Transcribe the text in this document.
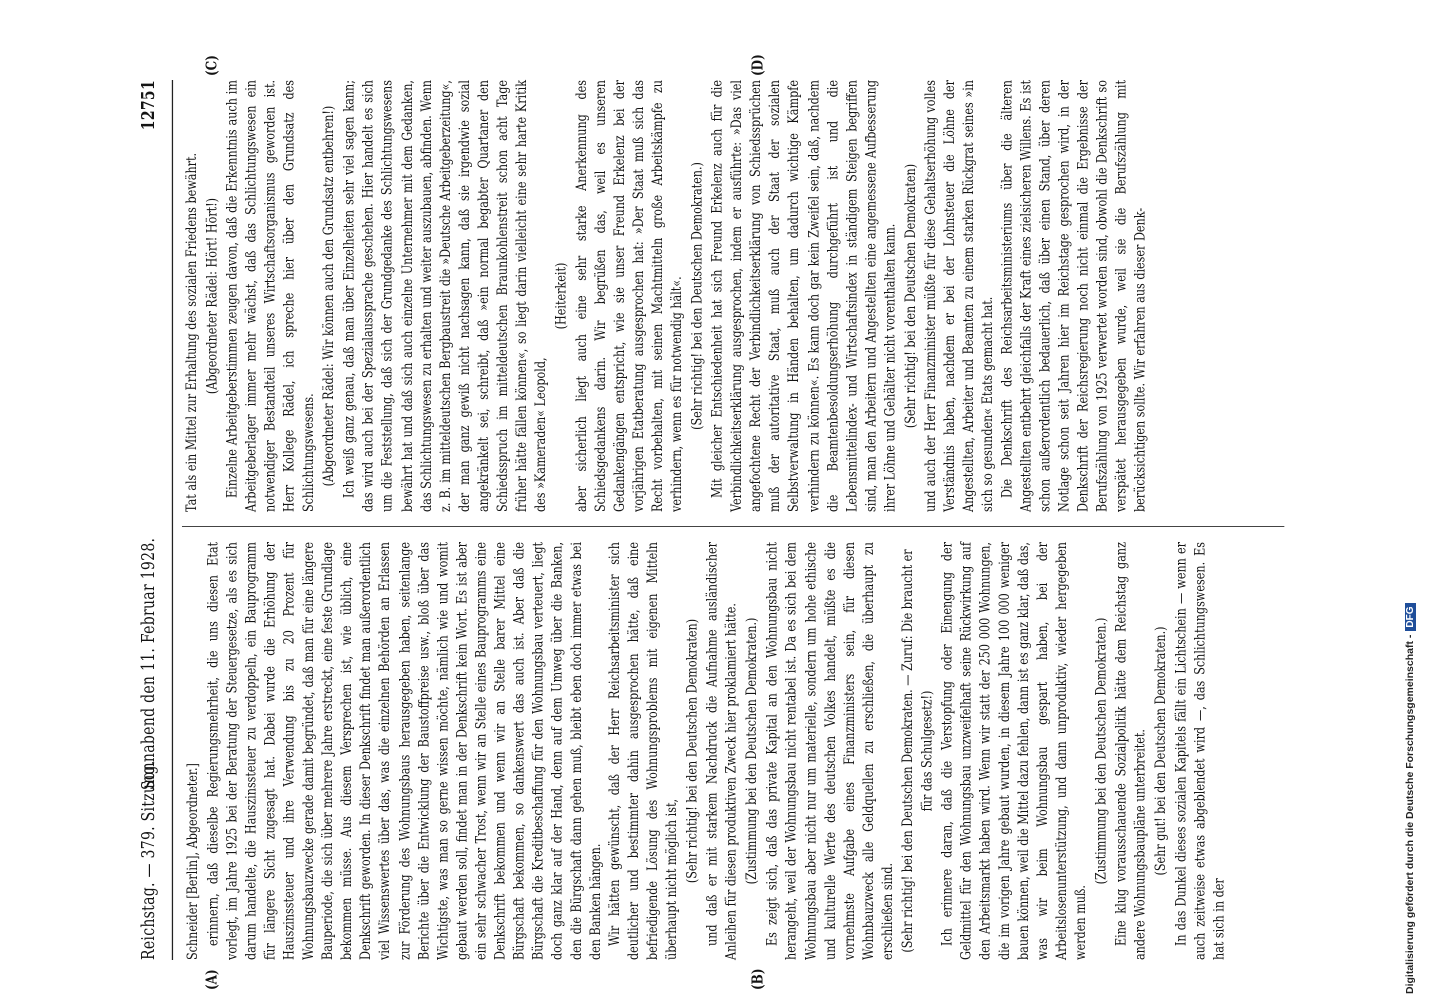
Reichstag. — 379. Sitzung.
Sonnabend den 11. Februar 1928.
12751

Schneider [Berlin], Abgeordneter.] erinnern, daß dieselbe Regierungsmehrheit, die uns diesen Etat vorlegt, im Jahre 1925 bei der Beratung der Steuergesetze, als es sich darum handelte, die Hauszinssteuer zu verdoppeln, ein Bauprogramm für längere Sicht zugesagt hat. Dabei wurde die Erhöhung der Hauszinssteuer und ihre Verwendung bis zu 20 Prozent für Wohnungsbauzwecke gerade damit begründet, daß man für eine längere Bauperiode, die sich über mehrere Jahre erstreckt, eine feste Grundlage bekommen müsse. Aus diesem Versprechen ist, wie üblich, eine Denkschrift geworden. In dieser Denkschrift findet man außerordentlich viel Wissenswertes über das, was die einzelnen Behörden an Erlassen zur Förderung des Wohnungsbaus herausgegeben haben, seitenlange Berichte über die Entwicklung der Baustoffpreise usw., bloß über das Wichtigste, was man so gerne wissen möchte, nämlich wie und womit gebaut werden soll, findet man in der Denkschrift kein Wort. Es ist aber ein sehr schwacher Trost, wenn wir an Stelle eines Bauprogramms eine Denkschrift bekommen und wenn wir an Stelle barer Mittel eine Bürgschaft bekommen, so dankenswert das auch ist. Aber daß die Bürgschaft die Kreditbeschaffung für den Wohnungsbau verteuert, liegt doch ganz klar auf der Hand, denn auf dem Umweg über die Banken, den die Bürgschaft dann gehen muß, bleibt eben doch immer etwas bei den Banken hängen. Wir hätten gewünscht, daß der Herr Reichsarbeitsminister sich deutlicher und bestimmter dahin ausgesprochen hätte, daß eine befriedigende Lösung des Wohnungsproblems mit eigenen Mitteln überhaupt nicht möglich ist, (Sehr richtig! bei den Deutschen Demokraten) und daß er mit starkem Nachdruck die Aufnahme ausländischer Anleihen für diesen produktiven Zweck hier proklamiert hätte. (Zustimmung bei den Deutschen Demokraten.) Es zeigt sich, daß das private Kapital an den Wohnungsbau nicht herangeht, weil der Wohnungsbau nicht rentabel ist. Da es sich bei dem Wohnungsbau aber nicht nur um materielle, sondern um hohe ethische und kulturelle Werte des deutschen Volkes handelt, müßte es die vornehmste Aufgabe eines Finanzministers sein, für diesen Wohnbauzweck alle Geldquellen zu erschließen, die überhaupt zu erschließen sind. (Sehr richtig! bei den Deutschen Demokraten. — Zuruf: Die braucht er für das Schulgesetz!) Ich erinnere daran, daß die Verstopfung oder Einengung der Geldmittel für den Wohnungsbau unzweifelhaft seine Rückwirkung auf den Arbeitsmarkt haben wird. Wenn wir statt der 250 000 Wohnungen, die im vorigen Jahre gebaut wurden, in diesem Jahre 100 000 weniger bauen können, weil die Mittel dazu fehlen, dann ist es ganz klar, daß das, was wir beim Wohnungsbau gespart haben, bei der Arbeitslosenunterstützung, und dann unproduktiv, wieder hergegeben werden muß.

(Zustimmung bei den Deutschen Demokraten.) Eine klug vorausschauende Sozialpolitik hätte dem Reichstag ganz andere Wohnungsbaupläne unterbreitet. (Sehr gut! bei den Deutschen Demokraten.) In das Dunkel dieses sozialen Kapitels fällt ein Lichtschein — wenn er auch zeitweise etwas abgeblendet wird —, das Schlichtungswesen. Es hat sich in der

Tat als ein Mittel zur Erhaltung des sozialen Friedens bewährt. (Abgeordneter Rädel: Hört! Hört!) Einzelne Arbeitgeberstimmen zeugen davon, daß die Erkenntnis auch im Arbeitgeberlager immer mehr wächst, daß das Schlichtungswesen ein notwendiger Bestandteil unseres Wirtschaftsorganismus geworden ist. Herr Kollege Rädel, ich spreche hier über den Grundsatz des Schlichtungswesens. (Abgeordneter Rädel: Wir können auch den Grundsatz entbehren!) Ich weiß ganz genau, daß man über Einzelheiten sehr viel sagen kann; das wird auch bei der Spezialaussprache geschehen. Hier handelt es sich um die Feststellung, daß sich der Grundgedanke des Schlichtungswesens bewährt hat und daß sich auch einzelne Unternehmer mit dem Gedanken, das Schlichtungswesen zu erhalten und weiter auszubauen, abfinden. Wenn z. B. im mitteldeutschen Bergbaustreit die »Deutsche Arbeitgeberzeitung«, der man ganz gewiß nicht nachsagen kann, daß sie irgendwie sozial angekränkelt sei, schreibt, daß »ein normal begabter Quartaner den Schiedsspruch im mitteldeutschen Braunkohlenstreit schon acht Tage früher hätte fällen können«, so liegt darin vielleicht eine sehr harte Kritik des »Kameraden« Leopold,

(Heiterkeit) aber sicherlich liegt auch eine sehr starke Anerkennung des Schiedsgedankens darin. Wir begrüßen das, weil es unseren Gedankengängen entspricht, wie sie unser Freund Erkelenz bei der vorjährigen Etatberatung ausgesprochen hat: »Der Staat muß sich das Recht vorbehalten, mit seinen Machtmitteln große Arbeitskämpfe zu verhindern, wenn es für notwendig hält«. (Sehr richtig! bei den Deutschen Demokraten.) Mit gleicher Entschiedenheit hat sich Freund Erkelenz auch für die Verbindlichkeitserklärung ausgesprochen, indem er ausführte: »Das viel angefochtene Recht der Verbindlichkeitserklärung von Schiedssprüchen muß der autoritative Staat, muß auch der Staat der sozialen Selbstverwaltung in Händen behalten, um dadurch wichtige Kämpfe verhindern zu können«. Es kann doch gar kein Zweifel sein, daß, nachdem die Beamtenbesoldungserhöhung durchgeführt ist und die Lebensmittelindex- und Wirtschaftsindex in ständigem Steigen begriffen sind, man den Arbeitern und Angestellten eine angemessene Aufbesserung ihrer Löhne und Gehälter nicht vorenthalten kann. (Sehr richtig! bei den Deutschen Demokraten) und auch der Herr Finanzminister müßte für diese Gehaltserhöhung volles Verständnis haben, nachdem er bei der Lohnsteuer die Löhne der Angestellten, Arbeiter und Beamten zu einem starken Rückgrat seines »in sich so gesunden« Etats gemacht hat. Die Denkschrift des Reichsarbeitsministeriums über die älteren Angestellten entbehrt gleichfalls der Kraft eines zielsicheren Willens. Es ist schon außerordentlich bedauerlich, daß über einen Stand, über deren Notlage schon seit Jahren hier im Reichstage gesprochen wird, in der Denkschrift der Reichsregierung noch nicht einmal die Ergebnisse der Berufszählung von 1925 verwertet worden sind, obwohl die Denkschrift so verspätet herausgegeben wurde, weil sie die Berufszählung mit berücksichtigen sollte. Wir erfahren aus dieser Denk-

(A)	(B)
(C)	(D)
Digitalisierung gefördert durch die Deutsche Forschungsgemeinschaft -DFG
